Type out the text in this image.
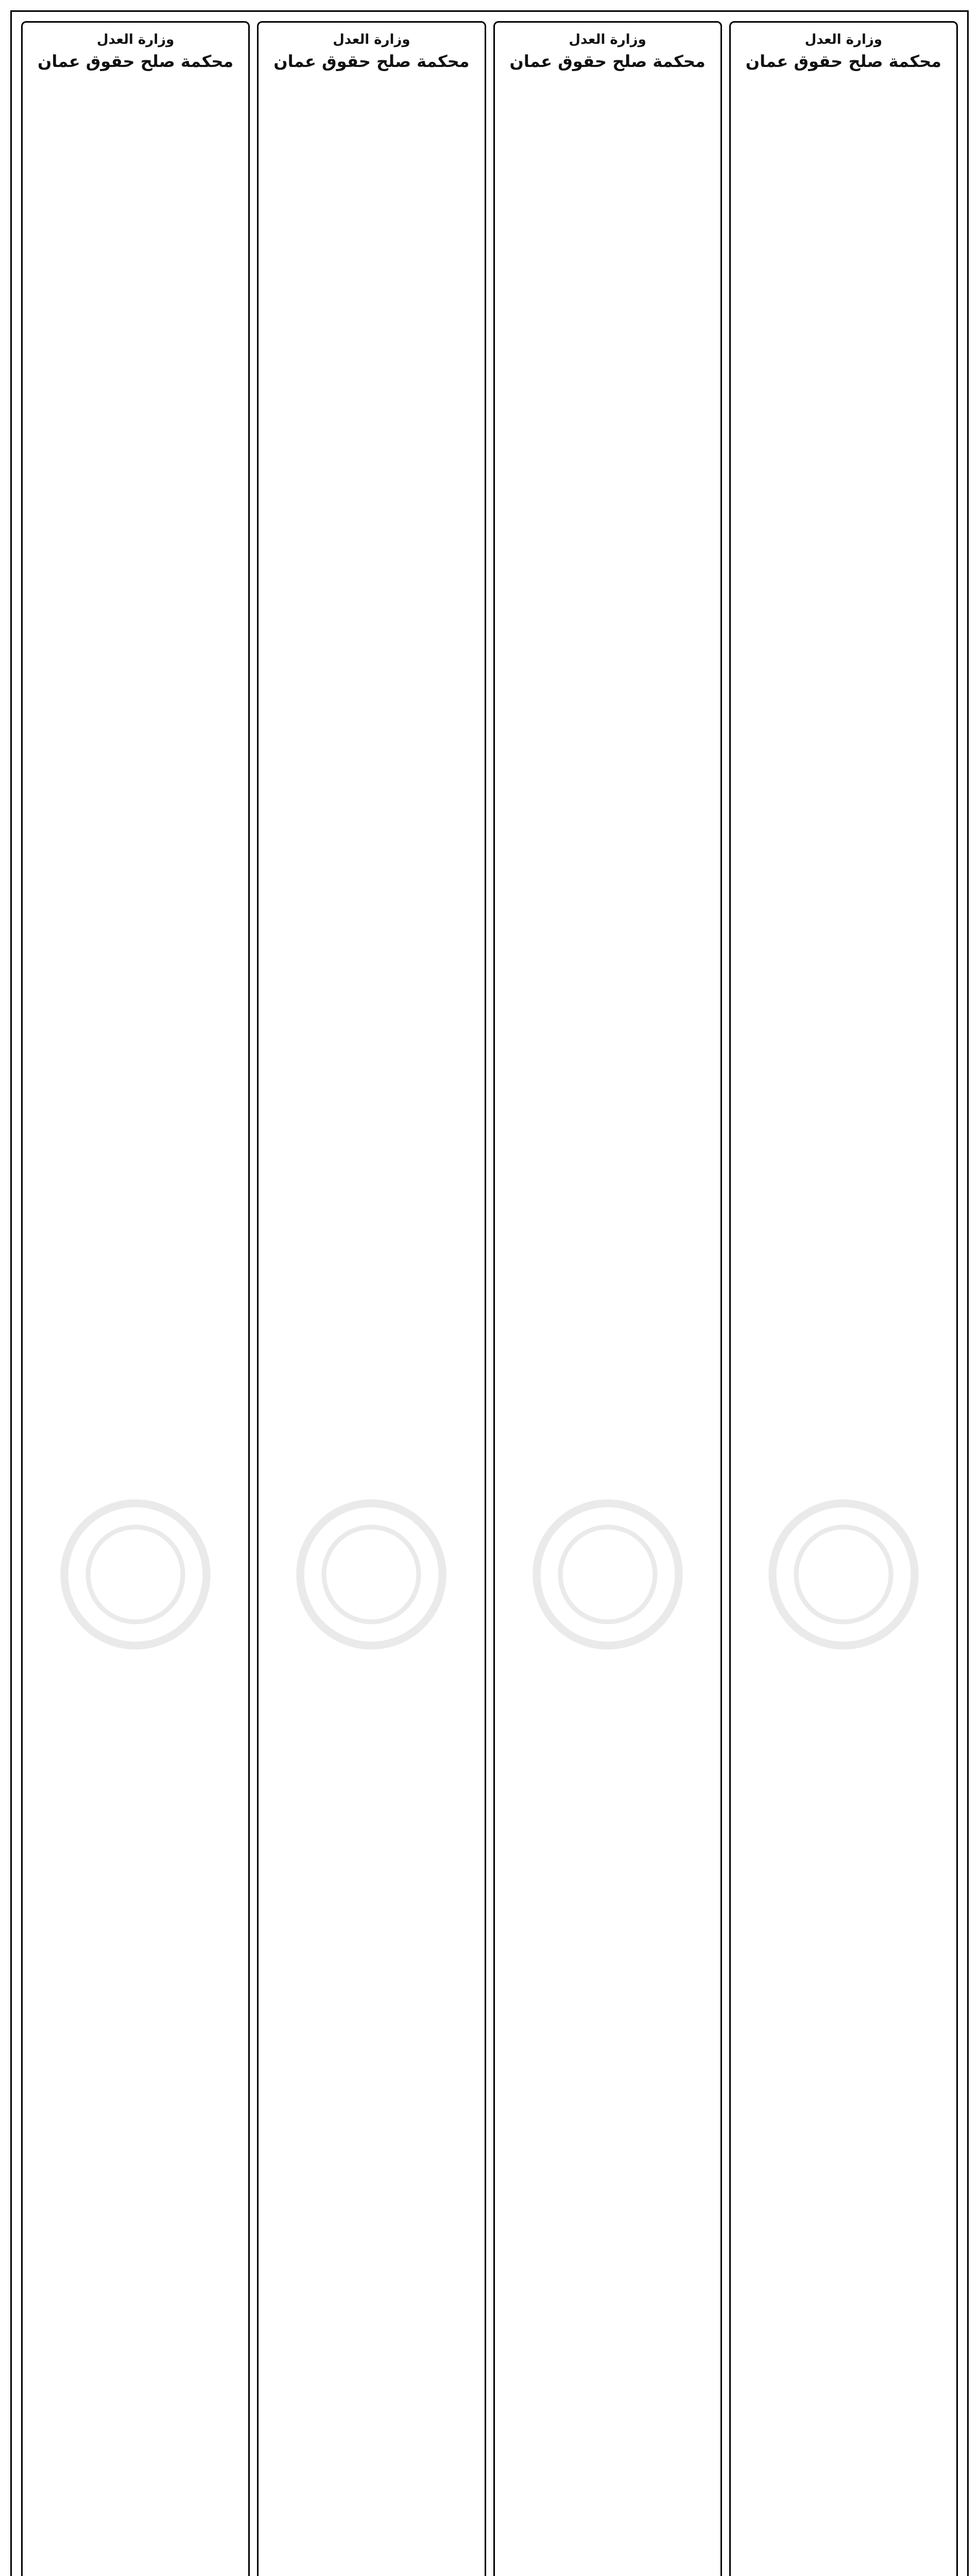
وزارة العدل
محكمة صلح حقوق عمان
وزارة العدل
محكمة صلح حقوق عمان
وزارة العدل
محكمة صلح حقوق عمان
وزارة العدل
محكمة صلح حقوق عمان
